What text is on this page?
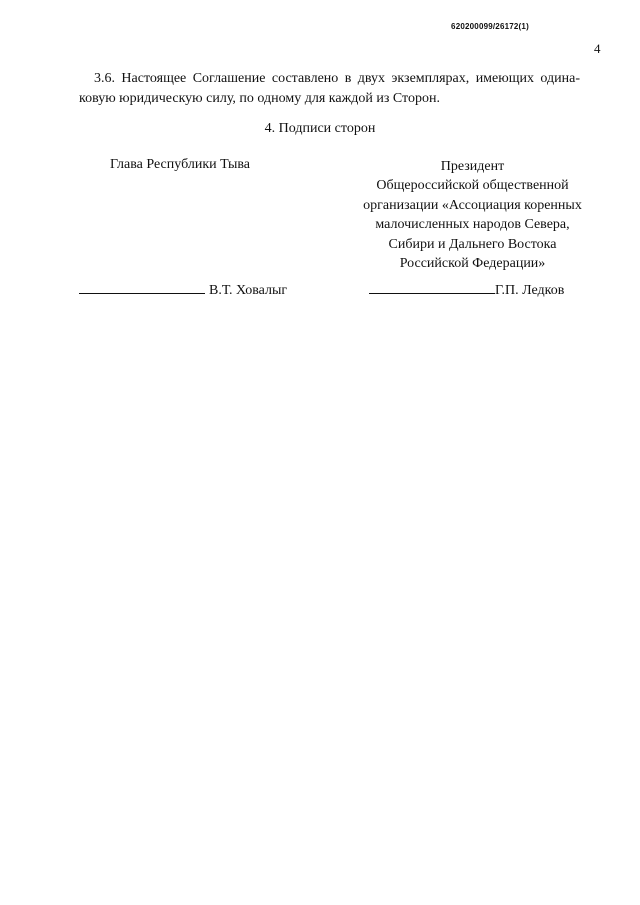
620200099/26172(1)
4
3.6. Настоящее Соглашение составлено в двух экземплярах, имеющих одина-
ковую юридическую силу, по одному для каждой из Сторон.
4. Подписи сторон
Глава Республики Тыва	Президент
Общероссийской общественной
организации «Ассоциация коренных
малочисленных народов Севера,
Сибири и Дальнего Востока
Российской Федерации»
В.Т. Ховалыг	Г.П. Ледков
